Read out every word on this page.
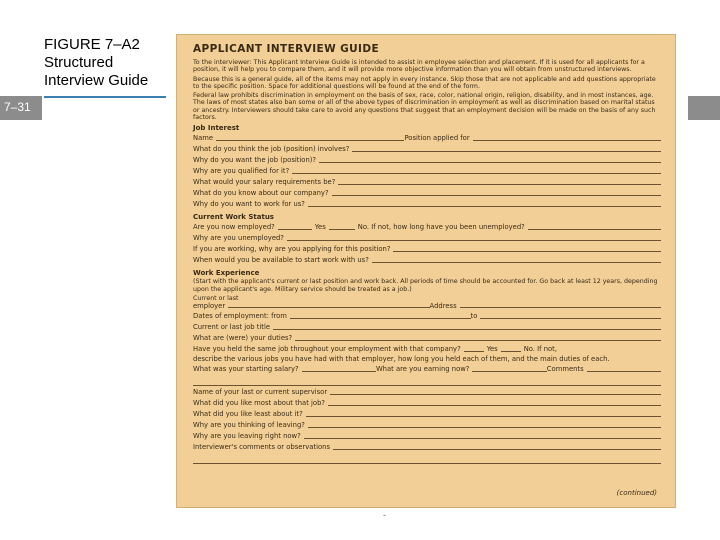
7–31
FIGURE 7–A2
Structured
Interview Guide
APPLICANT INTERVIEW GUIDE
To the interviewer: This Applicant Interview Guide is intended to assist in employee selection and placement. If it is used for all applicants for a position, it will help you to compare them, and it will provide more objective information than you will obtain from unstructured interviews.
Because this is a general guide, all of the items may not apply in every instance. Skip those that are not applicable and add questions appropriate to the specific position. Space for additional questions will be found at the end of the form.
Federal law prohibits discrimination in employment on the basis of sex, race, color, national origin, religion, disability, and in most instances, age. The laws of most states also ban some or all of the above types of discrimination in employment as well as discrimination based on marital status or ancestry. Interviewers should take care to avoid any questions that suggest that an employment decision will be made on the basis of any such factors.
Job Interest
Name	Position applied for
What do you think the job (position) involves?
Why do you want the job (position)?
Why are you qualified for it?
What would your salary requirements be?
What do you know about our company?
Why do you want to work for us?
Current Work Status
Are you now employed?	Yes	No. If not, how long have you been unemployed?
Why are you unemployed?
If you are working, why are you applying for this position?
When would you be available to start work with us?
Work Experience
(Start with the applicant's current or last position and work back. All periods of time should be accounted for. Go back at least 12 years, depending upon the applicant's age. Military service should be treated as a job.)
Current or last
employer	Address
Dates of employment: from	to
Current or last job title
What are (were) your duties?
Have you held the same job throughout your employment with that company?	Yes	No. If not,
describe the various jobs you have had with that employer, how long you held each of them, and the main duties of each.
What was your starting salary?	What are you earning now?	Comments
Name of your last or current supervisor
What did you like most about that job?
What did you like least about it?
Why are you thinking of leaving?
Why are you leaving right now?
Interviewer's comments or observations
(continued)
-
